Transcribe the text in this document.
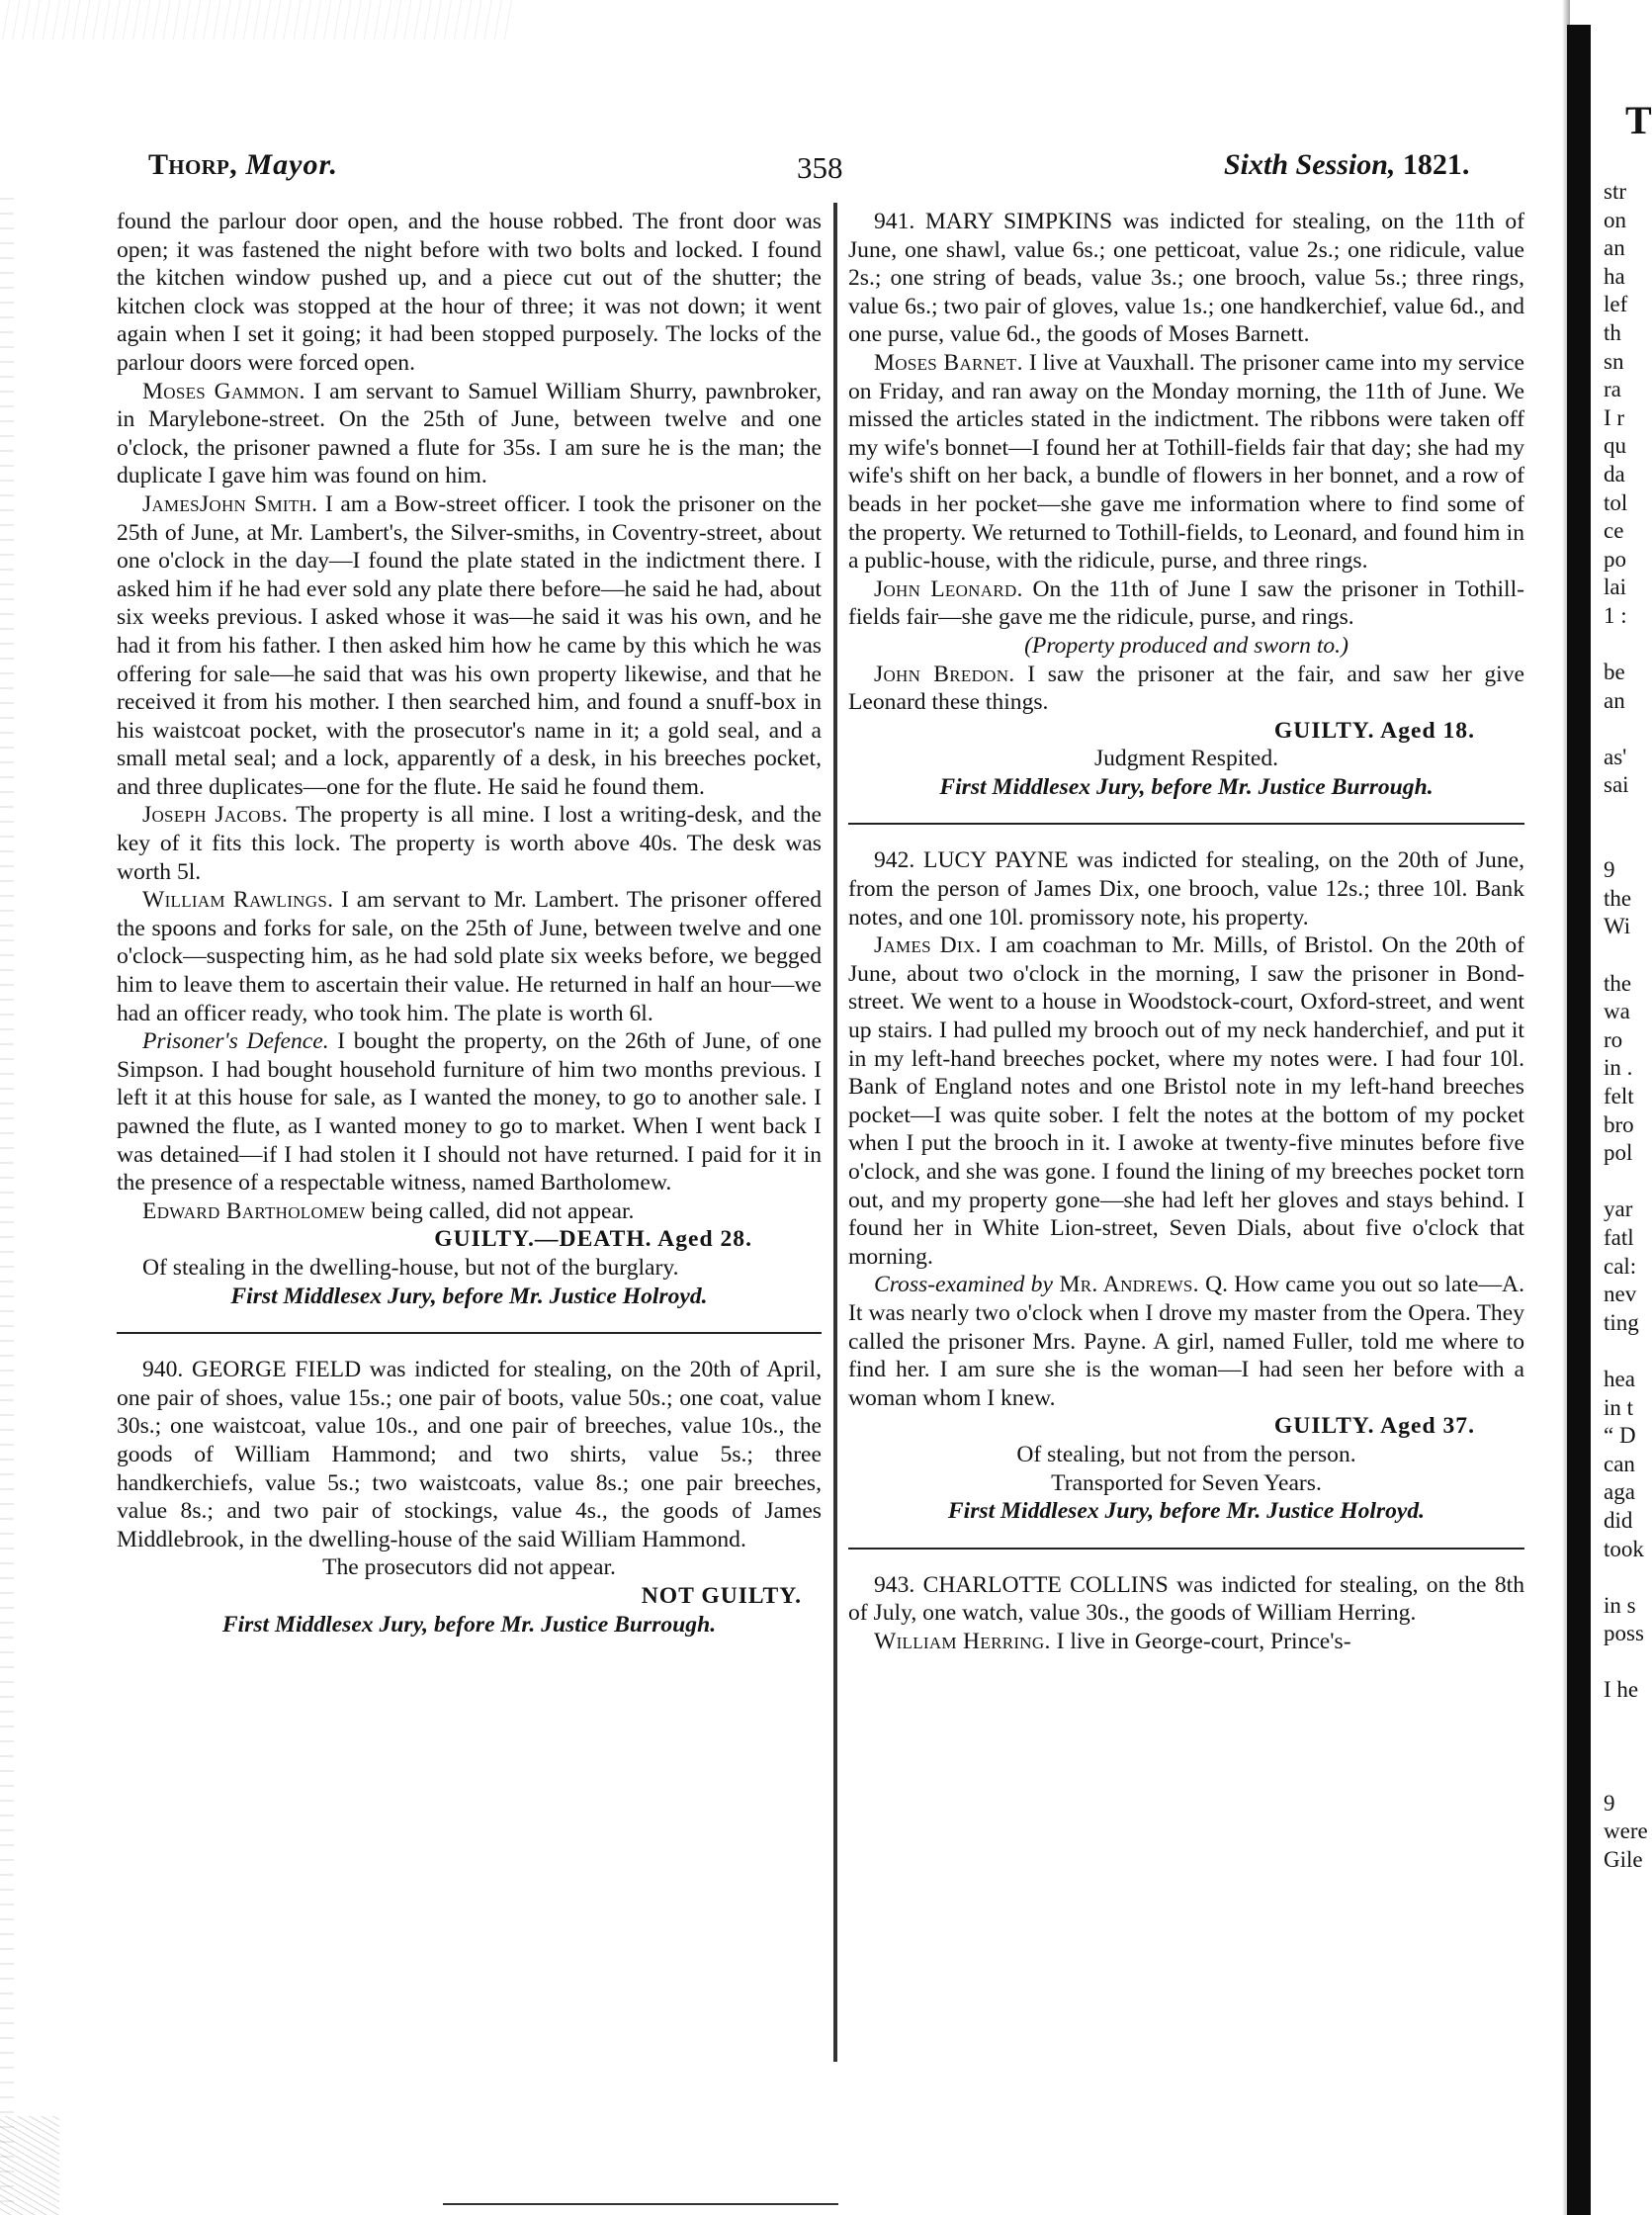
Thorp, Mayor.	358	Sixth Session, 1821.

found the parlour door open, and the house robbed. The front door was open; it was fastened the night before with two bolts and locked. I found the kitchen window pushed up, and a piece cut out of the shutter; the kitchen clock was stopped at the hour of three; it was not down; it went again when I set it going; it had been stopped purposely. The locks of the parlour doors were forced open.

Moses Gammon. I am servant to Samuel William Shurry, pawnbroker, in Marylebone-street. On the 25th of June, between twelve and one o'clock, the prisoner pawned a flute for 35s. I am sure he is the man; the duplicate I gave him was found on him.

JamesJohn Smith. I am a Bow-street officer. I took the prisoner on the 25th of June, at Mr. Lambert's, the Silver-smiths, in Coventry-street, about one o'clock in the day—I found the plate stated in the indictment there. I asked him if he had ever sold any plate there before—he said he had, about six weeks previous. I asked whose it was—he said it was his own, and he had it from his father. I then asked him how he came by this which he was offering for sale—he said that was his own property likewise, and that he received it from his mother. I then searched him, and found a snuff-box in his waistcoat pocket, with the prosecutor's name in it; a gold seal, and a small metal seal; and a lock, apparently of a desk, in his breeches pocket, and three duplicates—one for the flute. He said he found them.

Joseph Jacobs. The property is all mine. I lost a writing-desk, and the key of it fits this lock. The property is worth above 40s. The desk was worth 5l.

William Rawlings. I am servant to Mr. Lambert. The prisoner offered the spoons and forks for sale, on the 25th of June, between twelve and one o'clock—suspecting him, as he had sold plate six weeks before, we begged him to leave them to ascertain their value. He returned in half an hour—we had an officer ready, who took him. The plate is worth 6l.

Prisoner's Defence. I bought the property, on the 26th of June, of one Simpson. I had bought household furniture of him two months previous. I left it at this house for sale, as I wanted the money, to go to another sale. I pawned the flute, as I wanted money to go to market. When I went back I was detained—if I had stolen it I should not have returned. I paid for it in the presence of a respectable witness, named Bartholomew.

Edward Bartholomew being called, did not appear.

GUILTY.—DEATH. Aged 28.

Of stealing in the dwelling-house, but not of the burglary.

First Middlesex Jury, before Mr. Justice Holroyd.

940. GEORGE FIELD was indicted for stealing, on the 20th of April, one pair of shoes, value 15s.; one pair of boots, value 50s.; one coat, value 30s.; one waistcoat, value 10s., and one pair of breeches, value 10s., the goods of William Hammond; and two shirts, value 5s.; three handkerchiefs, value 5s.; two waistcoats, value 8s.; one pair breeches, value 8s.; and two pair of stockings, value 4s., the goods of James Middlebrook, in the dwelling-house of the said William Hammond.

The prosecutors did not appear.

NOT GUILTY.

First Middlesex Jury, before Mr. Justice Burrough.

941. MARY SIMPKINS was indicted for stealing, on the 11th of June, one shawl, value 6s.; one petticoat, value 2s.; one ridicule, value 2s.; one string of beads, value 3s.; one brooch, value 5s.; three rings, value 6s.; two pair of gloves, value 1s.; one handkerchief, value 6d., and one purse, value 6d., the goods of Moses Barnett.

Moses Barnet. I live at Vauxhall. The prisoner came into my service on Friday, and ran away on the Monday morning, the 11th of June. We missed the articles stated in the indictment. The ribbons were taken off my wife's bonnet—I found her at Tothill-fields fair that day; she had my wife's shift on her back, a bundle of flowers in her bonnet, and a row of beads in her pocket—she gave me information where to find some of the property. We returned to Tothill-fields, to Leonard, and found him in a public-house, with the ridicule, purse, and three rings.

John Leonard. On the 11th of June I saw the prisoner in Tothill-fields fair—she gave me the ridicule, purse, and rings.

(Property produced and sworn to.)

John Bredon. I saw the prisoner at the fair, and saw her give Leonard these things.

GUILTY. Aged 18.

Judgment Respited.

First Middlesex Jury, before Mr. Justice Burrough.

942. LUCY PAYNE was indicted for stealing, on the 20th of June, from the person of James Dix, one brooch, value 12s.; three 10l. Bank notes, and one 10l. promissory note, his property.

James Dix. I am coachman to Mr. Mills, of Bristol. On the 20th of June, about two o'clock in the morning, I saw the prisoner in Bond-street. We went to a house in Woodstock-court, Oxford-street, and went up stairs. I had pulled my brooch out of my neck handerchief, and put it in my left-hand breeches pocket, where my notes were. I had four 10l. Bank of England notes and one Bristol note in my left-hand breeches pocket—I was quite sober. I felt the notes at the bottom of my pocket when I put the brooch in it. I awoke at twenty-five minutes before five o'clock, and she was gone. I found the lining of my breeches pocket torn out, and my property gone—she had left her gloves and stays behind. I found her in White Lion-street, Seven Dials, about five o'clock that morning.

Cross-examined by Mr. Andrews. Q. How came you out so late—A. It was nearly two o'clock when I drove my master from the Opera. They called the prisoner Mrs. Payne. A girl, named Fuller, told me where to find her. I am sure she is the woman—I had seen her before with a woman whom I knew.

GUILTY. Aged 37.

Of stealing, but not from the person.

Transported for Seven Years.

First Middlesex Jury, before Mr. Justice Holroyd.

943. CHARLOTTE COLLINS was indicted for stealing, on the 8th of July, one watch, value 30s., the goods of William Herring.

William Herring. I live in George-court, Prince's-

T
str
on
an
ha
lef
th
sn
ra
I r
qu
da
tol
ce
po
lai
1 :
be
an
as'
sai
9
the
Wi
the
wa
ro
in .
felt
bro
pol
yar
fatl
cal:
nev
ting
hea
in t
“ D
can
aga
did
took
in s
poss
I he
9
were
Gile
